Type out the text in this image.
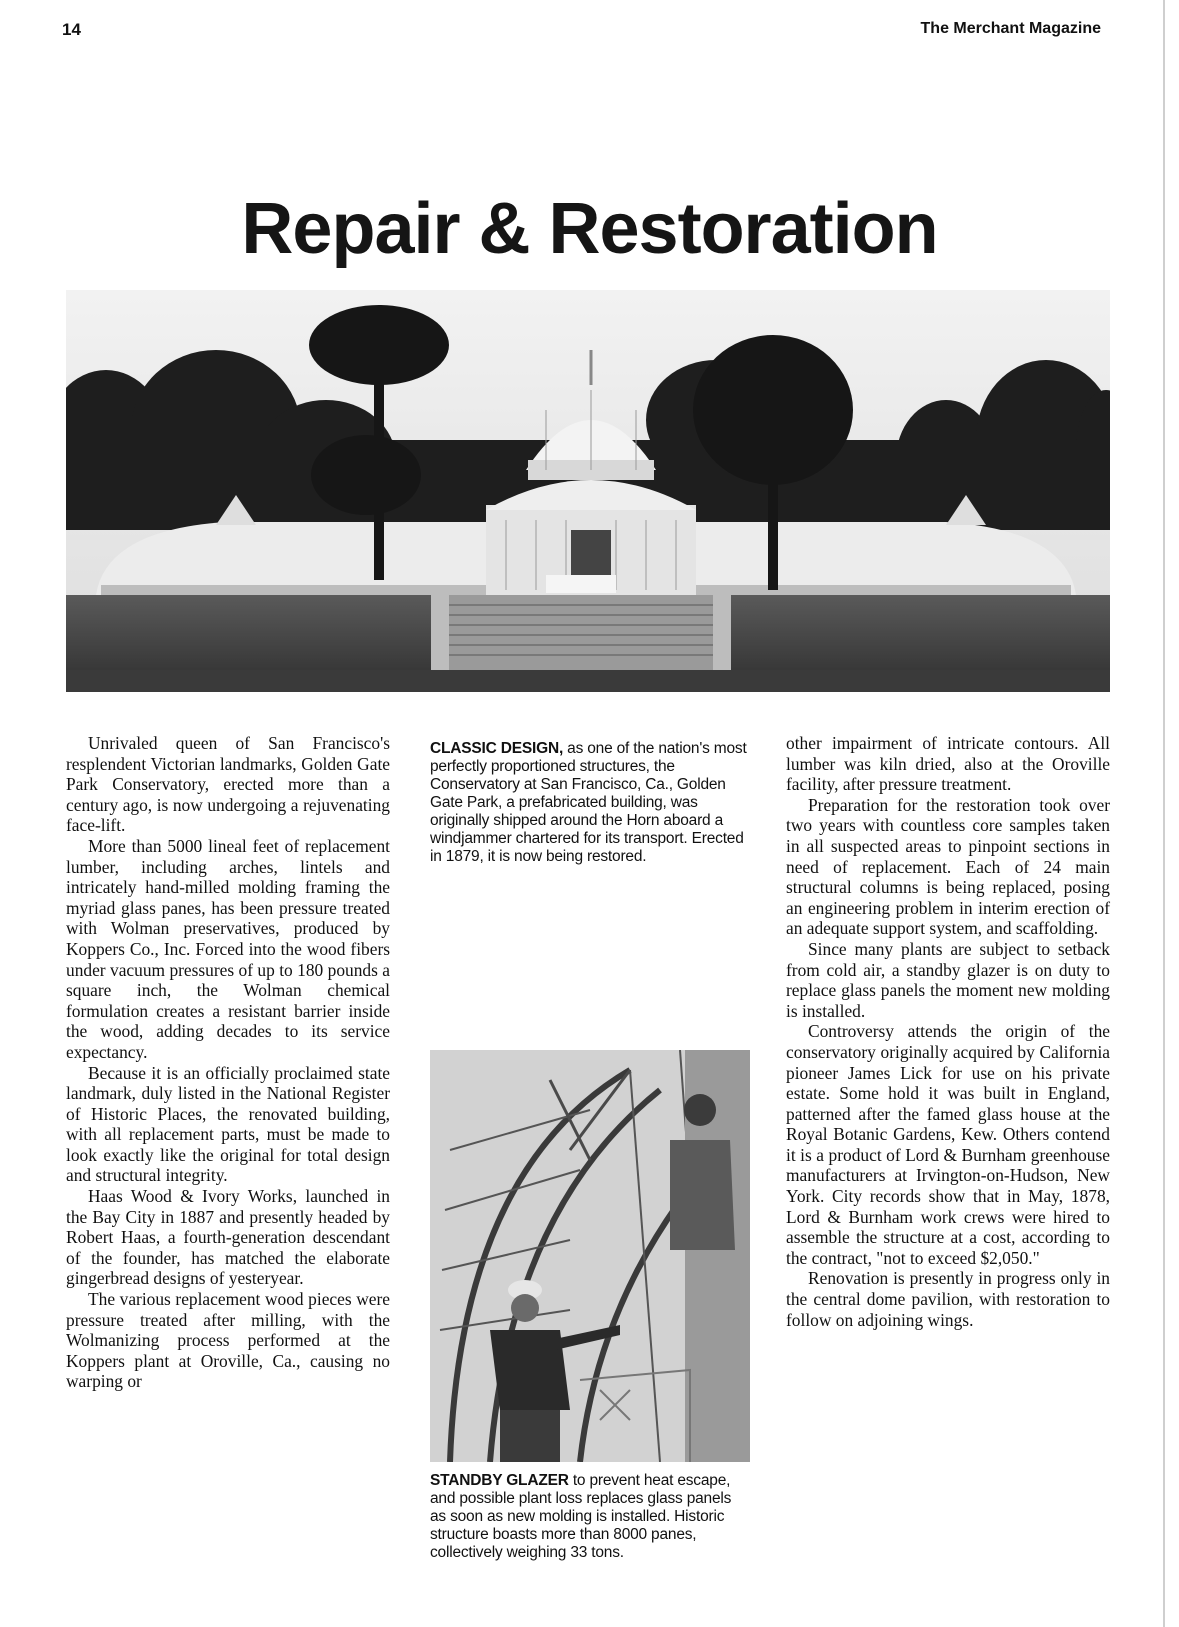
14	The Merchant Magazine
Repair & Restoration

Unrivaled queen of San Francisco's resplendent Victorian landmarks, Golden Gate Park Conservatory, erected more than a century ago, is now undergoing a rejuvenating face-lift.

More than 5000 lineal feet of replacement lumber, including arches, lintels and intricately hand-milled molding framing the myriad glass panes, has been pressure treated with Wolman preservatives, produced by Koppers Co., Inc. Forced into the wood fibers under vacuum pressures of up to 180 pounds a square inch, the Wolman chemical formulation creates a resistant barrier inside the wood, adding decades to its service expectancy.

Because it is an officially proclaimed state landmark, duly listed in the National Register of Historic Places, the renovated building, with all replacement parts, must be made to look exactly like the original for total design and structural integrity.

Haas Wood & Ivory Works, launched in the Bay City in 1887 and presently headed by Robert Haas, a fourth-generation descendant of the founder, has matched the elaborate gingerbread designs of yesteryear.

The various replacement wood pieces were pressure treated after milling, with the Wolmanizing process performed at the Koppers plant at Oroville, Ca., causing no warping or

CLASSIC DESIGN, as one of the nation's most perfectly proportioned structures, the Conservatory at San Francisco, Ca., Golden Gate Park, a prefabricated building, was originally shipped around the Horn aboard a windjammer chartered for its transport. Erected in 1879, it is now being restored.
STANDBY GLAZER to prevent heat escape, and possible plant loss replaces glass panels as soon as new molding is installed. Historic structure boasts more than 8000 panes, collectively weighing 33 tons.

other impairment of intricate contours. All lumber was kiln dried, also at the Oroville facility, after pressure treatment.

Preparation for the restoration took over two years with countless core samples taken in all suspected areas to pinpoint sections in need of replacement. Each of 24 main structural columns is being replaced, posing an engineering problem in interim erection of an adequate support system, and scaffolding.

Since many plants are subject to setback from cold air, a standby glazer is on duty to replace glass panels the moment new molding is installed.

Controversy attends the origin of the conservatory originally acquired by California pioneer James Lick for use on his private estate. Some hold it was built in England, patterned after the famed glass house at the Royal Botanic Gardens, Kew. Others contend it is a product of Lord & Burnham greenhouse manufacturers at Irvington-on-Hudson, New York. City records show that in May, 1878, Lord & Burnham work crews were hired to assemble the structure at a cost, according to the contract, "not to exceed $2,050."

Renovation is presently in progress only in the central dome pavilion, with restoration to follow on adjoining wings.
